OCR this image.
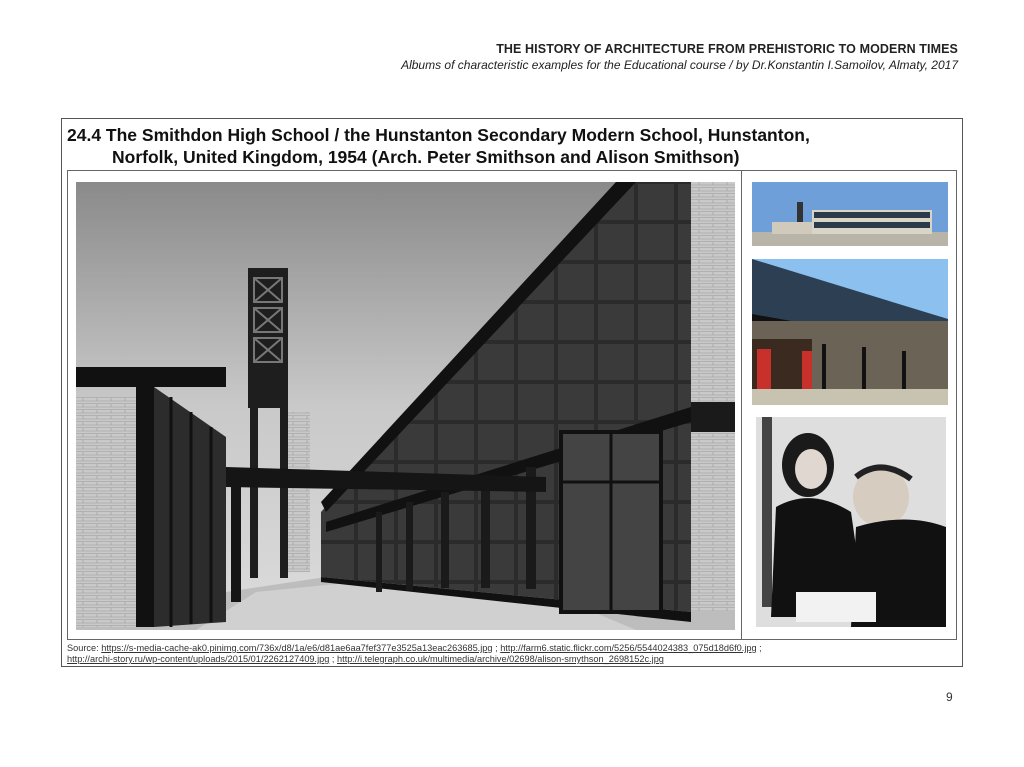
THE HISTORY OF ARCHITECTURE FROM PREHISTORIC TO MODERN TIMES
Albums of characteristic examples for the Educational course / by Dr.Konstantin I.Samoilov, Almaty, 2017
24.4 The Smithdon High School / the Hunstanton Secondary Modern School, Hunstanton,
Norfolk, United Kingdom, 1954 (Arch. Peter Smithson and Alison Smithson)
Source: https://s-media-cache-ak0.pinimg.com/736x/d8/1a/e6/d81ae6aa7fef377e3525a13eac263685.jpg ; http://farm6.static.flickr.com/5256/5544024383_075d18d6f0.jpg ;
http://archi-story.ru/wp-content/uploads/2015/01/2262127409.jpg ; http://i.telegraph.co.uk/multimedia/archive/02698/alison-smythson_2698152c.jpg
9
